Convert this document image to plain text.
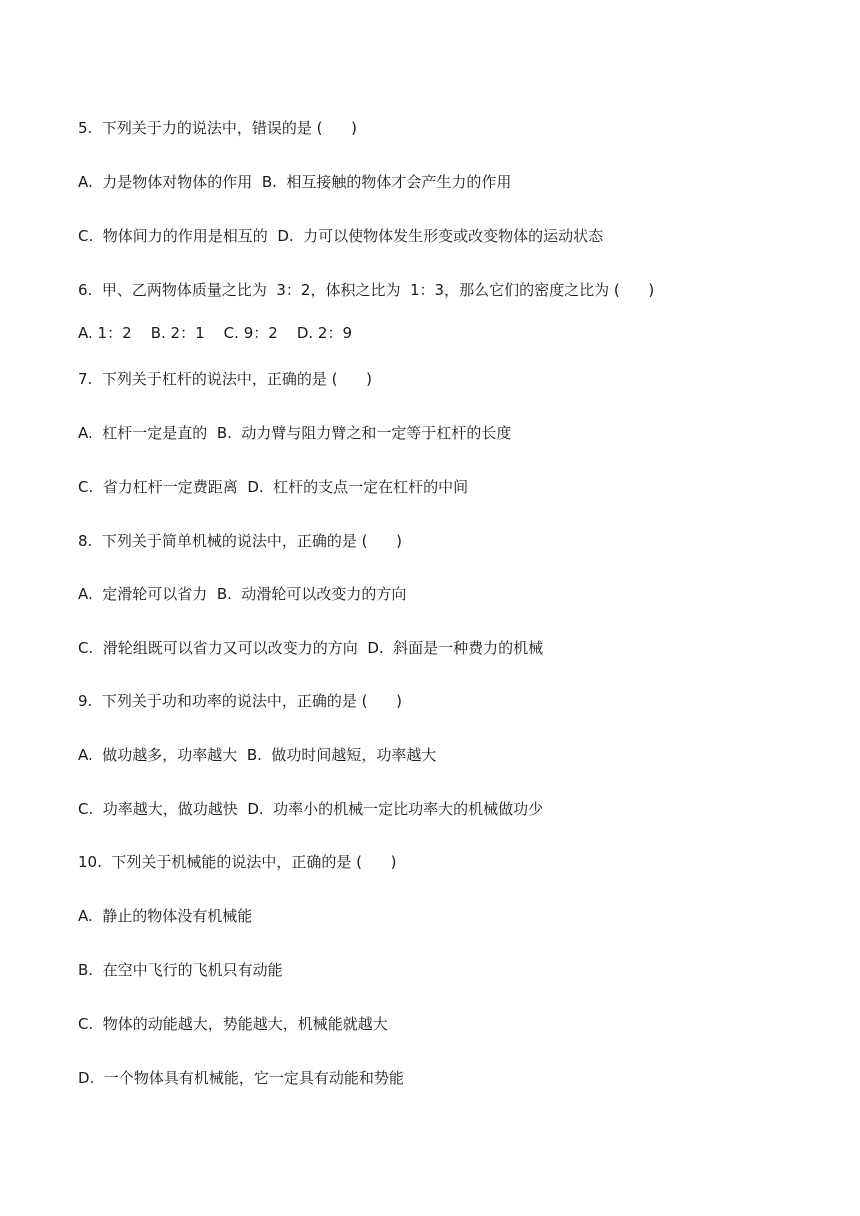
5.  下列关于力的说法中，错误的是 (      )
A.  力是物体对物体的作用  B.  相互接触的物体才会产生力的作用
C.  物体间力的作用是相互的  D.  力可以使物体发生形变或改变物体的运动状态
6.  甲、乙两物体质量之比为  3：2，体积之比为  1：3，那么它们的密度之比为 (      )
A. 1：2    B. 2：1    C. 9：2    D. 2：9
7.  下列关于杠杆的说法中，正确的是 (      )
A.  杠杆一定是直的  B.  动力臂与阻力臂之和一定等于杠杆的长度
C.  省力杠杆一定费距离  D.  杠杆的支点一定在杠杆的中间
8.  下列关于简单机械的说法中，正确的是 (      )
A.  定滑轮可以省力  B.  动滑轮可以改变力的方向
C.  滑轮组既可以省力又可以改变力的方向  D.  斜面是一种费力的机械
9.  下列关于功和功率的说法中，正确的是 (      )
A.  做功越多，功率越大  B.  做功时间越短，功率越大
C.  功率越大，做功越快  D.  功率小的机械一定比功率大的机械做功少
10.  下列关于机械能的说法中，正确的是 (      )
A.  静止的物体没有机械能
B.  在空中飞行的飞机只有动能
C.  物体的动能越大，势能越大，机械能就越大
D.  一个物体具有机械能，它一定具有动能和势能
